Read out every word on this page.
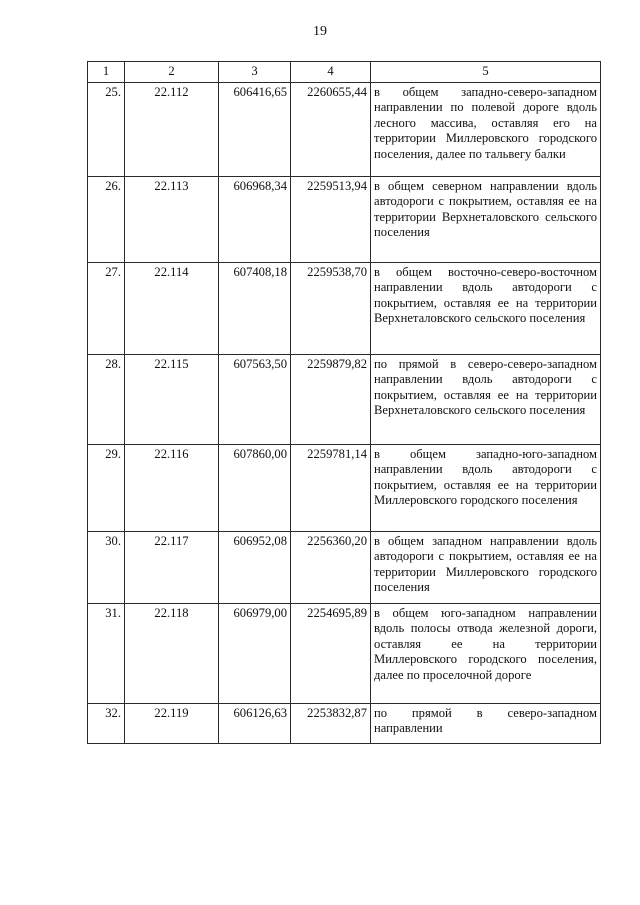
19
1	2	3	4	5
25.	22.112	606416,65	2260655,44	в общем западно-северо-западном направлении по полевой дороге вдоль лесного массива, оставляя его на территории Миллеровского городского поселения, далее по тальвегу балки
26.	22.113	606968,34	2259513,94	в общем северном направлении вдоль автодороги с покрытием, оставляя ее на территории Верхнеталовского сельского поселения
27.	22.114	607408,18	2259538,70	в общем восточно-северо-восточном направлении вдоль автодороги с покрытием, оставляя ее на территории Верхнеталовского сельского поселения
28.	22.115	607563,50	2259879,82	по прямой в северо-северо-западном направлении вдоль автодороги с покрытием, оставляя ее на территории Верхнеталовского сельского поселения
29.	22.116	607860,00	2259781,14	в общем западно-юго-западном направлении вдоль автодороги с покрытием, оставляя ее на территории Миллеровского городского поселения
30.	22.117	606952,08	2256360,20	в общем западном направлении вдоль автодороги с покрытием, оставляя ее на территории Миллеровского городского поселения
31.	22.118	606979,00	2254695,89	в общем юго-западном направлении вдоль полосы отвода железной дороги, оставляя ее на территории Миллеровского городского поселения, далее по проселочной дороге
32.	22.119	606126,63	2253832,87	по прямой в северо-западном направлении
